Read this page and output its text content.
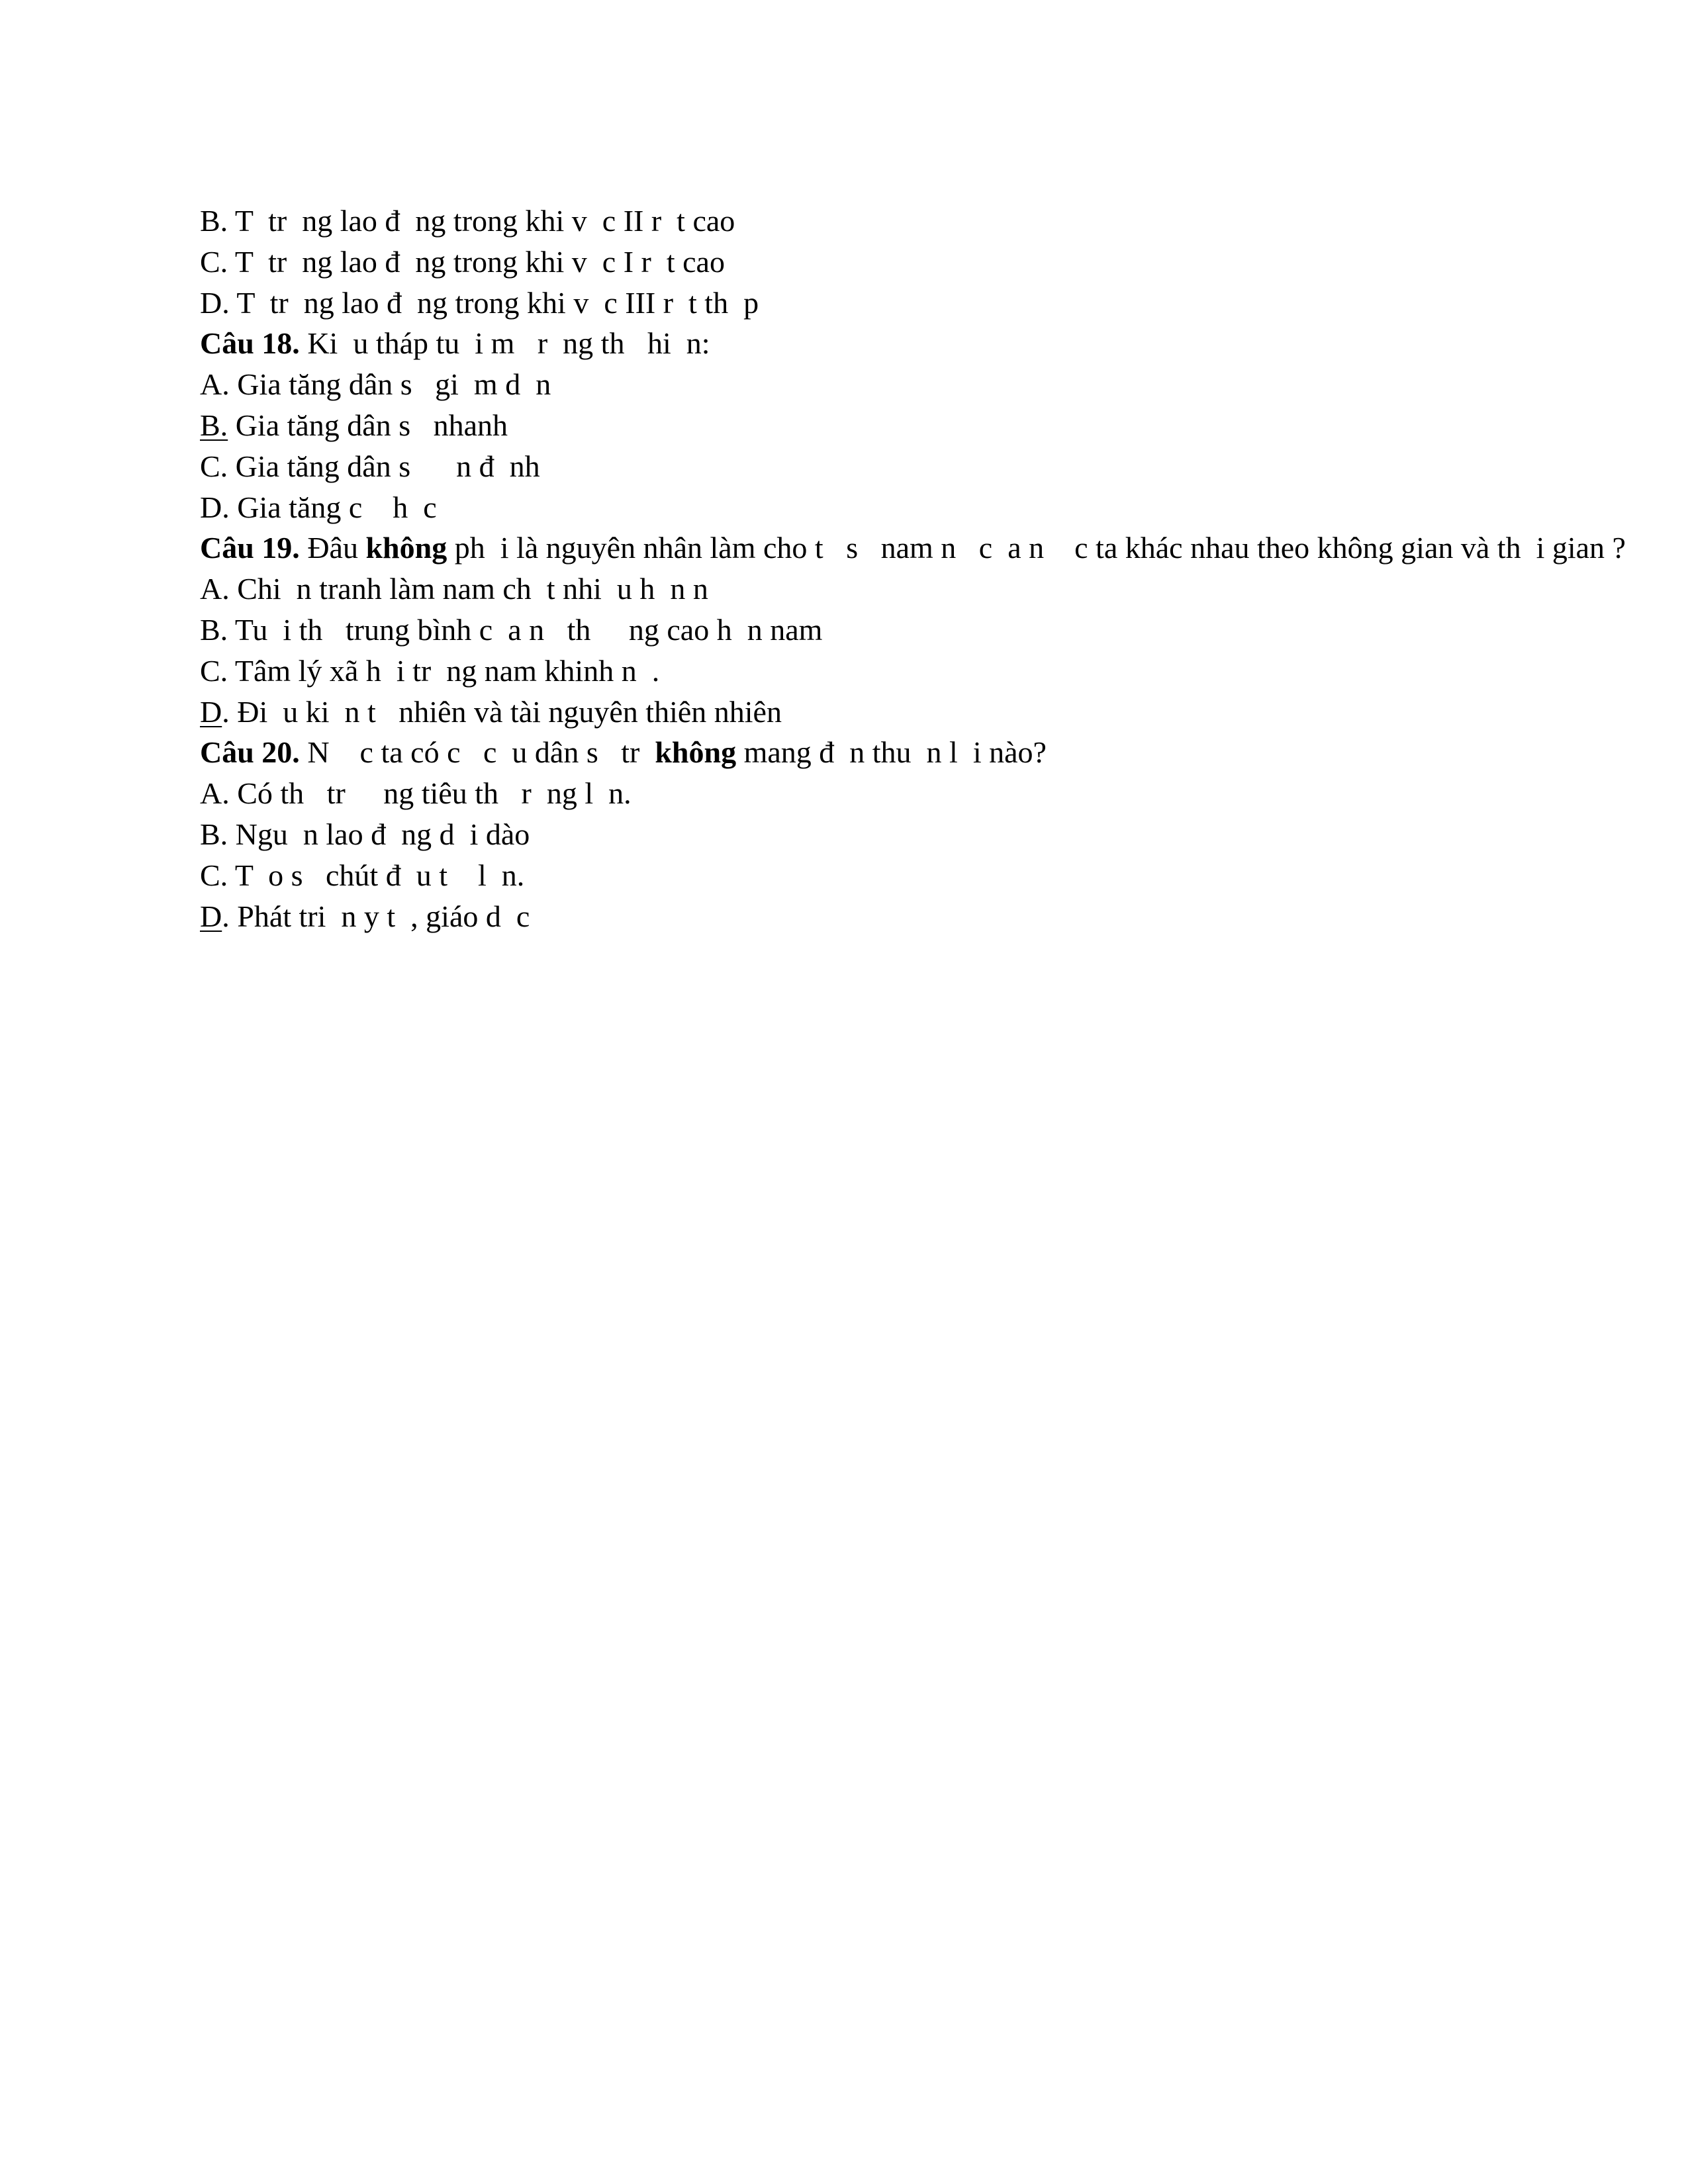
B. T  tr  ng lao đ  ng trong khi v  c II r  t cao

C. T  tr  ng lao đ  ng trong khi v  c I r  t cao

D. T  tr  ng lao đ  ng trong khi v  c III r  t th  p

Câu 18. Ki  u tháp tu  i m   r  ng th   hi  n:

A. Gia tăng dân s   gi  m d  n

B. Gia tăng dân s   nhanh

C. Gia tăng dân s      n đ  nh

D. Gia tăng c    h  c

Câu 19. Đâu không ph  i là nguyên nhân làm cho t   s   nam n   c  a n    c ta khác nhau theo không gian và th  i gian ?

A. Chi  n tranh làm nam ch  t nhi  u h  n n

B. Tu  i th   trung bình c  a n   th     ng cao h  n nam

C. Tâm lý xã h  i tr  ng nam khinh n  .

D. Đi  u ki  n t   nhiên và tài nguyên thiên nhiên

Câu 20. N    c ta có c   c  u dân s   tr  không mang đ  n thu  n l  i nào?

A. Có th   tr     ng tiêu th   r  ng l  n.

B. Ngu  n lao đ  ng d  i dào

C. T  o s   chút đ  u t    l  n.

D. Phát tri  n y t  , giáo d  c
